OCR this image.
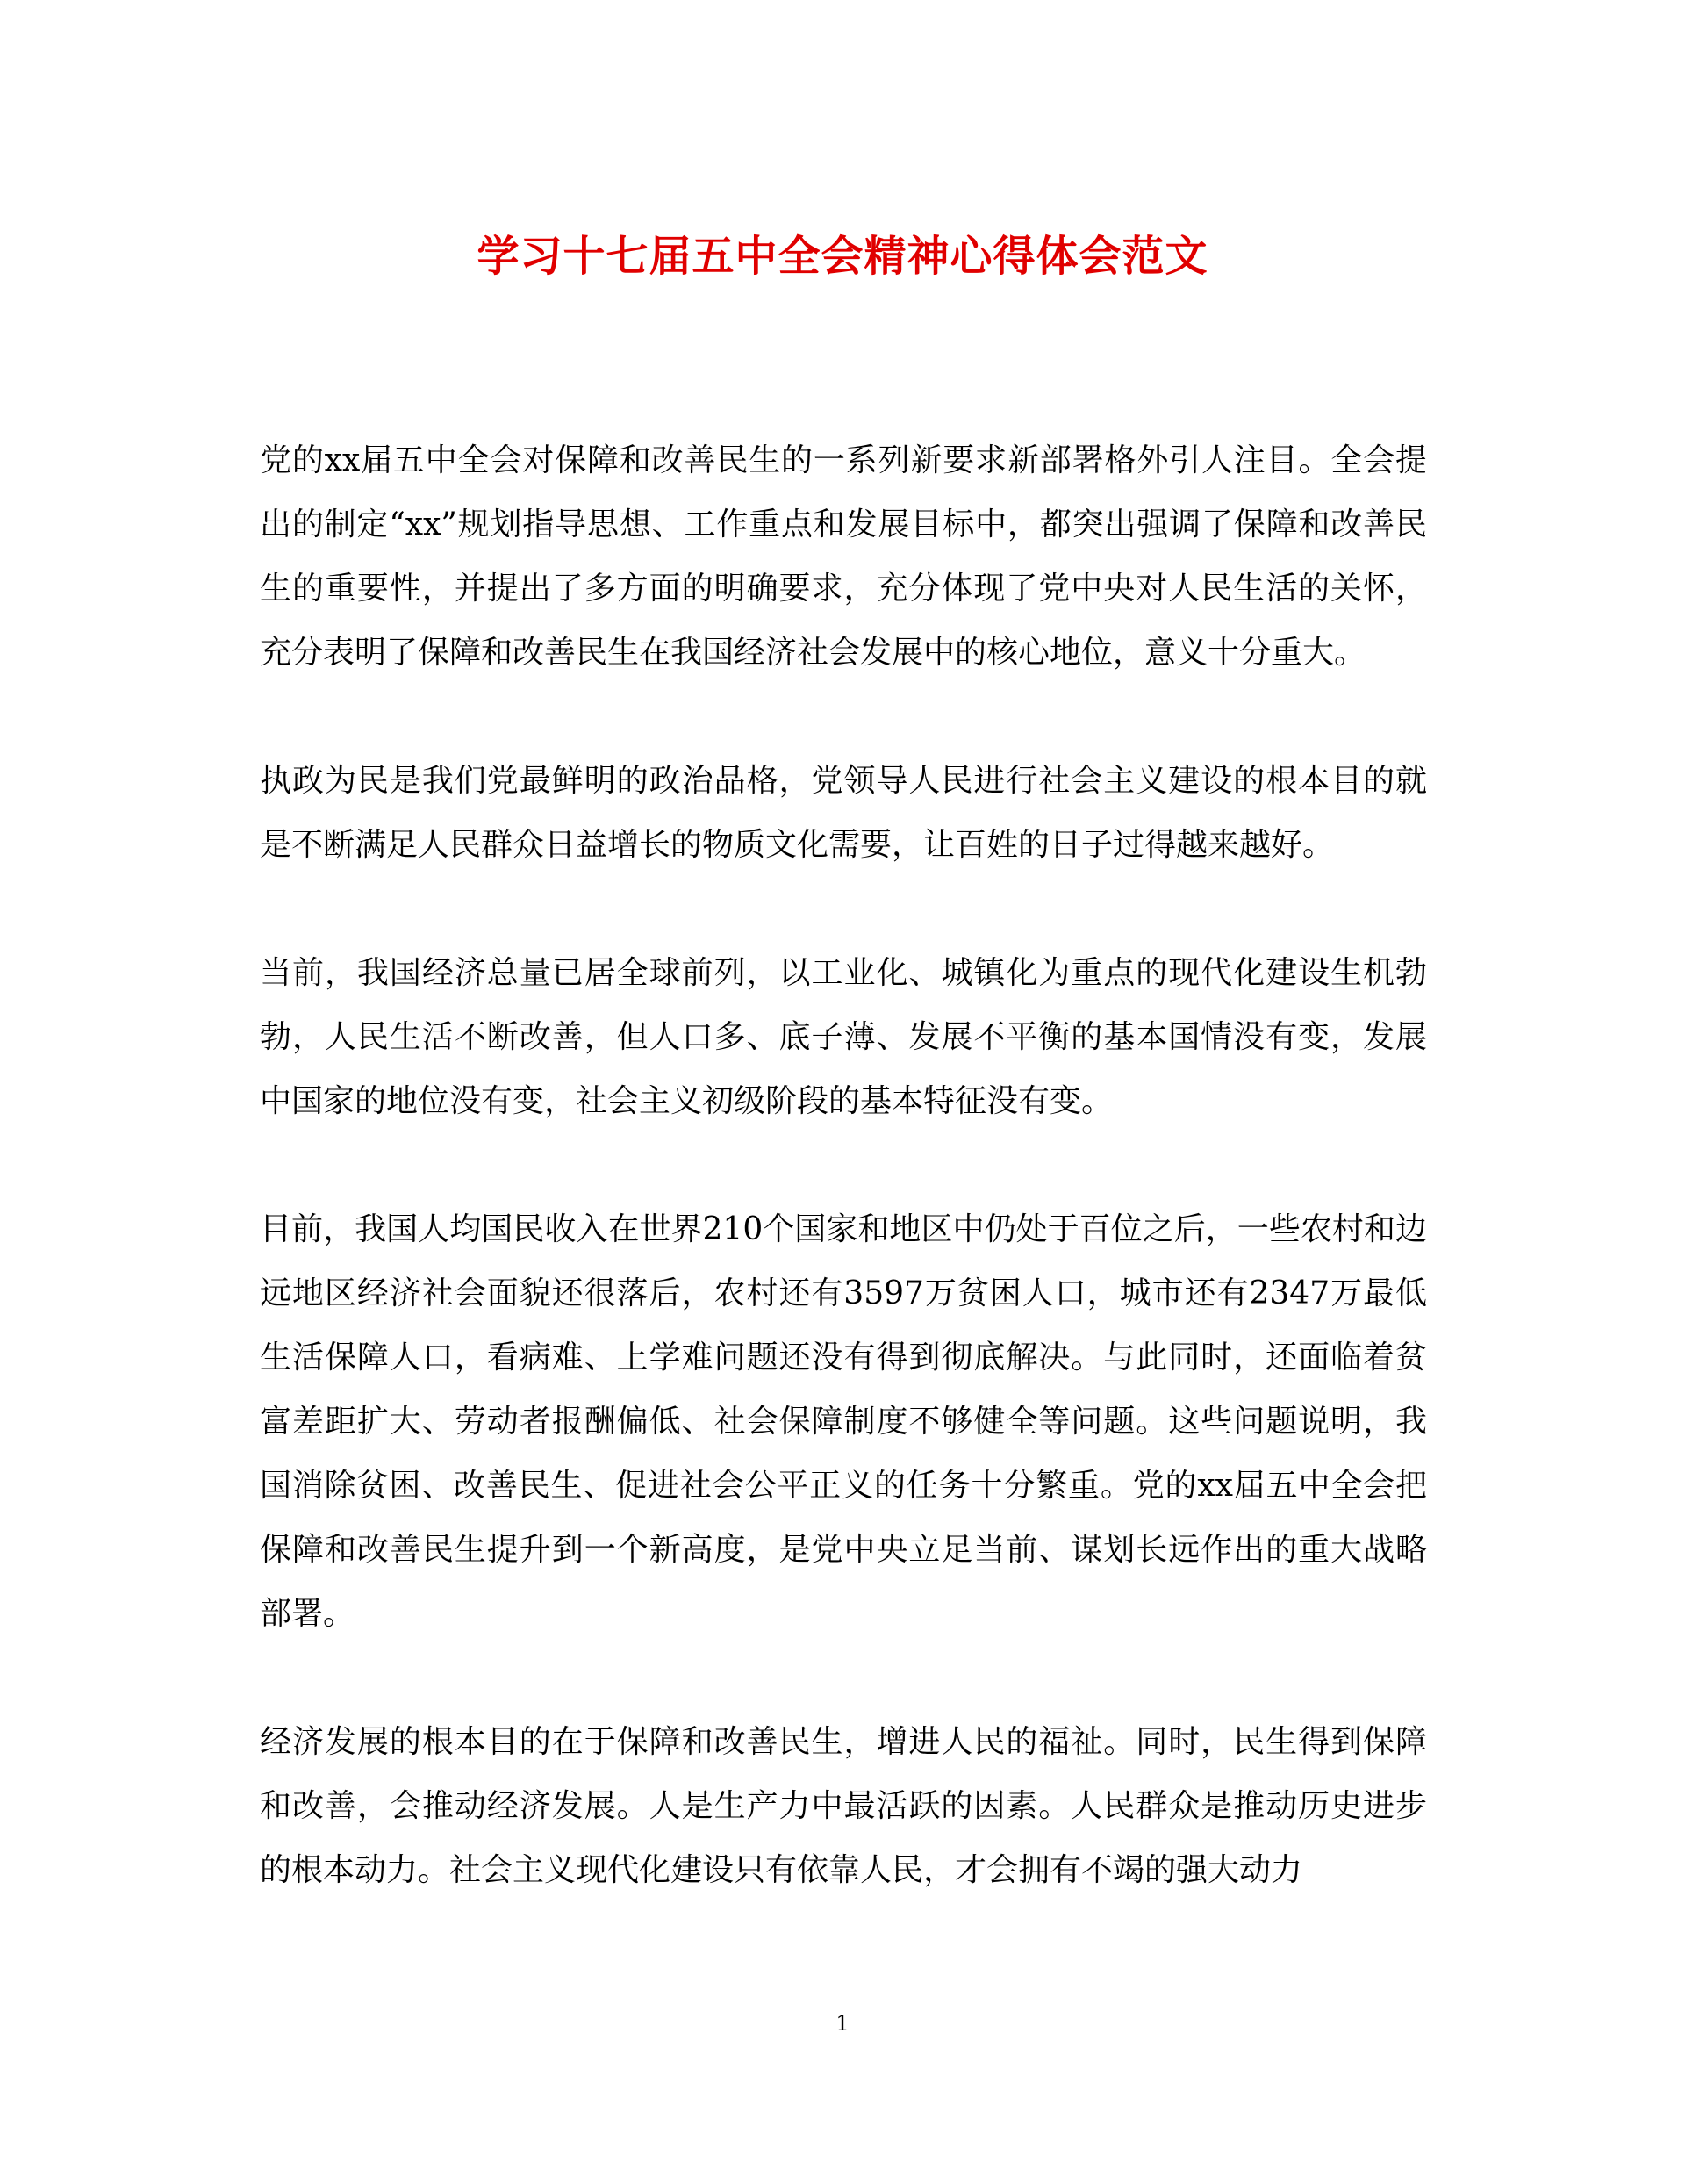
学习十七届五中全会精神心得体会范文

党的xx届五中全会对保障和改善民生的一系列新要求新部署格外引人注目。全会提出的制定“xx”规划指导思想、工作重点和发展目标中，都突出强调了保障和改善民生的重要性，并提出了多方面的明确要求，充分体现了党中央对人民生活的关怀，充分表明了保障和改善民生在我国经济社会发展中的核心地位，意义十分重大。

执政为民是我们党最鲜明的政治品格，党领导人民进行社会主义建设的根本目的就是不断满足人民群众日益增长的物质文化需要，让百姓的日子过得越来越好。

当前，我国经济总量已居全球前列，以工业化、城镇化为重点的现代化建设生机勃勃，人民生活不断改善，但人口多、底子薄、发展不平衡的基本国情没有变，发展中国家的地位没有变，社会主义初级阶段的基本特征没有变。

目前，我国人均国民收入在世界210个国家和地区中仍处于百位之后，一些农村和边远地区经济社会面貌还很落后，农村还有3597万贫困人口，城市还有2347万最低生活保障人口，看病难、上学难问题还没有得到彻底解决。与此同时，还面临着贫富差距扩大、劳动者报酬偏低、社会保障制度不够健全等问题。这些问题说明，我国消除贫困、改善民生、促进社会公平正义的任务十分繁重。党的xx届五中全会把保障和改善民生提升到一个新高度，是党中央立足当前、谋划长远作出的重大战略部署。

经济发展的根本目的在于保障和改善民生，增进人民的福祉。同时，民生得到保障和改善，会推动经济发展。人是生产力中最活跃的因素。人民群众是推动历史进步的根本动力。社会主义现代化建设只有依靠人民，才会拥有不竭的强大动力

1
